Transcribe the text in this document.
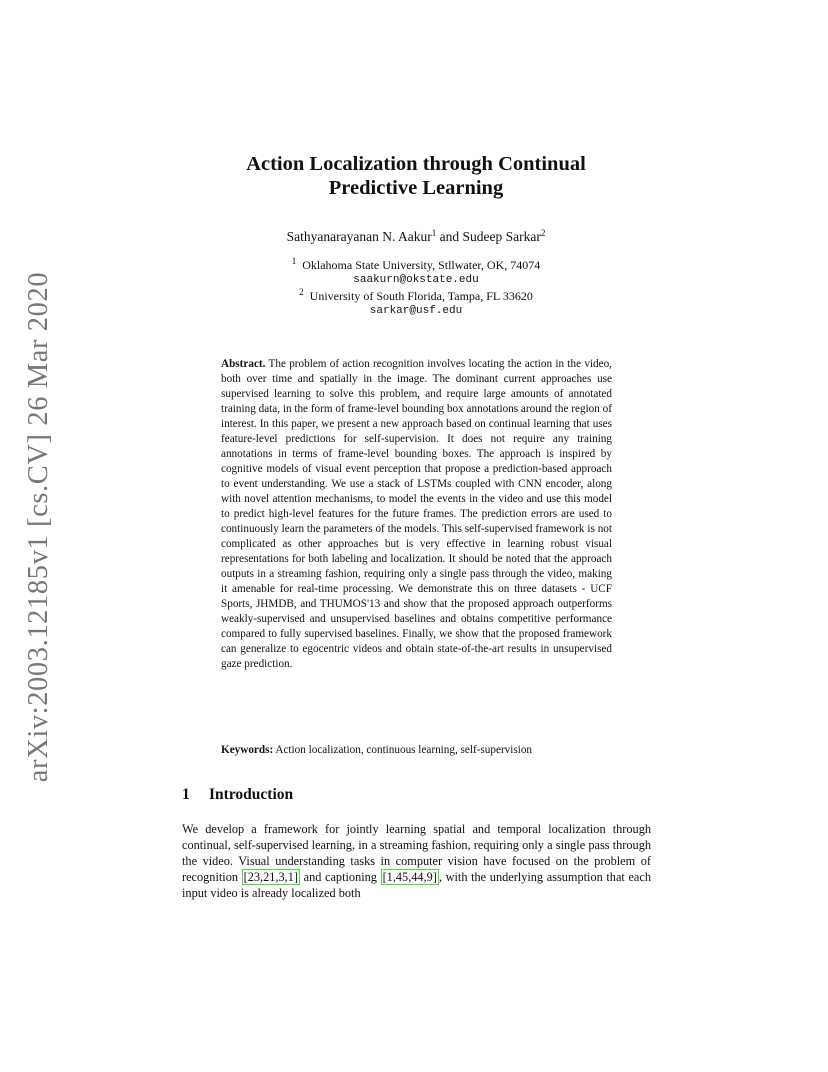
arXiv:2003.12185v1 [cs.CV] 26 Mar 2020
Action Localization through Continual
Predictive Learning
Sathyanarayanan N. Aakur$^1$ and Sudeep Sarkar$^2$
$^1$ Oklahoma State University, Stllwater, OK, 74074
saakurn@okstate.edu
$^2$ University of South Florida, Tampa, FL 33620
sarkar@usf.edu
Abstract. The problem of action recognition involves locating the action in the video, both over time and spatially in the image. The dominant current approaches use supervised learning to solve this problem, and require large amounts of annotated training data, in the form of frame-level bounding box annotations around the region of interest. In this paper, we present a new approach based on continual learning that uses feature-level predictions for self-supervision. It does not require any training annotations in terms of frame-level bounding boxes. The approach is inspired by cognitive models of visual event perception that propose a prediction-based approach to event understanding. We use a stack of LSTMs coupled with CNN encoder, along with novel attention mechanisms, to model the events in the video and use this model to predict high-level features for the future frames. The prediction errors are used to continuously learn the parameters of the models. This self-supervised framework is not complicated as other approaches but is very effective in learning robust visual representations for both labeling and localization. It should be noted that the approach outputs in a streaming fashion, requiring only a single pass through the video, making it amenable for real-time processing. We demonstrate this on three datasets - UCF Sports, JHMDB, and THUMOS'13 and show that the proposed approach outperforms weakly-supervised and unsupervised baselines and obtains competitive performance compared to fully supervised baselines. Finally, we show that the proposed framework can generalize to egocentric videos and obtain state-of-the-art results in unsupervised gaze prediction.
Keywords: Action localization, continuous learning, self-supervision
1 Introduction
We develop a framework for jointly learning spatial and temporal localization through continual, self-supervised learning, in a streaming fashion, requiring only a single pass through the video. Visual understanding tasks in computer vision have focused on the problem of recognition [23,21,3,1] and captioning [1,45,44,9] , with the underlying assumption that each input video is already localized both
